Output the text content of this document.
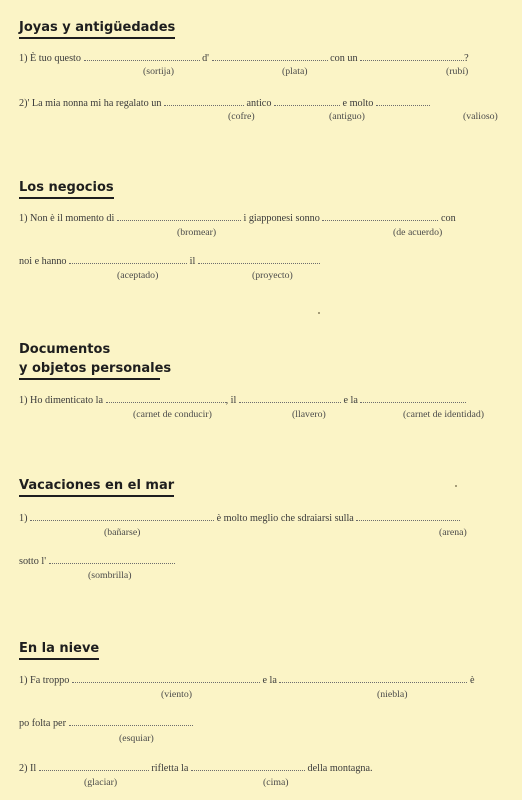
Joyas y antigüedades
1) È tuo questo	d'	con un	?
(sortija)	(plata)	(rubí)
2)' La mia nonna mi ha regalato un	antico	e molto
(cofre)	(antiguo)	(valioso)
Los negocios
1) Non è il momento di	i giapponesi sonno	con
(bromear)	(de acuerdo)
noi e hanno	il
(aceptado)	(proyecto)
Documentos
y objetos personales
1) Ho dimenticato la	, il	e la
(carnet de conducir)	(llavero)	(carnet de identidad)
Vacaciones en el mar
1)	è molto meglio che sdraiarsi sulla
(bañarse)	(arena)
sotto l'
(sombrilla)
En la nieve
1) Fa troppo	e la	è
(viento)	(niebla)
po folta per
(esquiar)
2) Il	rifletta la	della montagna.
(glaciar)	(cima)
